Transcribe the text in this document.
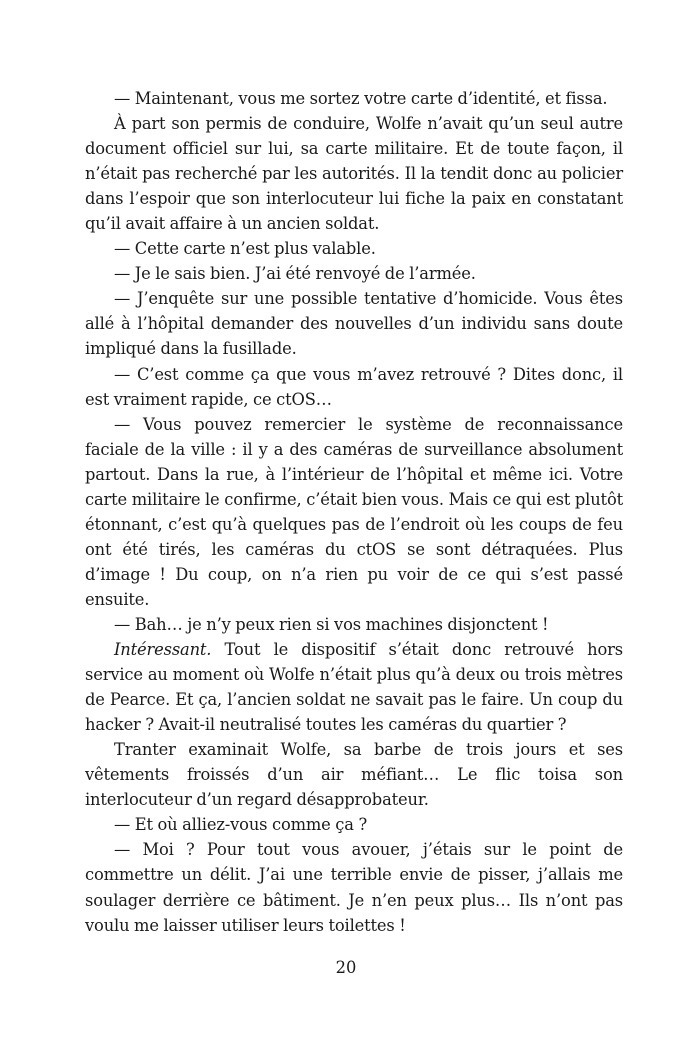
— Maintenant, vous me sortez votre carte d’identité, et fissa.

À part son permis de conduire, Wolfe n’avait qu’un seul autre document officiel sur lui, sa carte militaire. Et de toute façon, il n’était pas recherché par les autorités. Il la tendit donc au policier dans l’espoir que son interlocuteur lui fiche la paix en constatant qu’il avait affaire à un ancien soldat.

— Cette carte n’est plus valable.

— Je le sais bien. J’ai été renvoyé de l’armée.

— J’enquête sur une possible tentative d’homicide. Vous êtes allé à l’hôpital demander des nouvelles d’un individu sans doute impliqué dans la fusillade.

— C’est comme ça que vous m’avez retrouvé ? Dites donc, il est vraiment rapide, ce ctOS…

— Vous pouvez remercier le système de reconnaissance faciale de la ville : il y a des caméras de surveillance absolument partout. Dans la rue, à l’intérieur de l’hôpital et même ici. Votre carte militaire le confirme, c’était bien vous. Mais ce qui est plutôt étonnant, c’est qu’à quelques pas de l’endroit où les coups de feu ont été tirés, les caméras du ctOS se sont détraquées. Plus d’image ! Du coup, on n’a rien pu voir de ce qui s’est passé ensuite.

— Bah… je n’y peux rien si vos machines disjonctent !

Intéressant. Tout le dispositif s’était donc retrouvé hors service au moment où Wolfe n’était plus qu’à deux ou trois mètres de Pearce. Et ça, l’ancien soldat ne savait pas le faire. Un coup du hacker ? Avait-il neutralisé toutes les caméras du quartier ?

Tranter examinait Wolfe, sa barbe de trois jours et ses vêtements froissés d’un air méfiant… Le flic toisa son interlocuteur d’un regard désapprobateur.

— Et où alliez-vous comme ça ?

— Moi ? Pour tout vous avouer, j’étais sur le point de commettre un délit. J’ai une terrible envie de pisser, j’allais me soulager derrière ce bâtiment. Je n’en peux plus… Ils n’ont pas voulu me laisser utiliser leurs toilettes !

20
